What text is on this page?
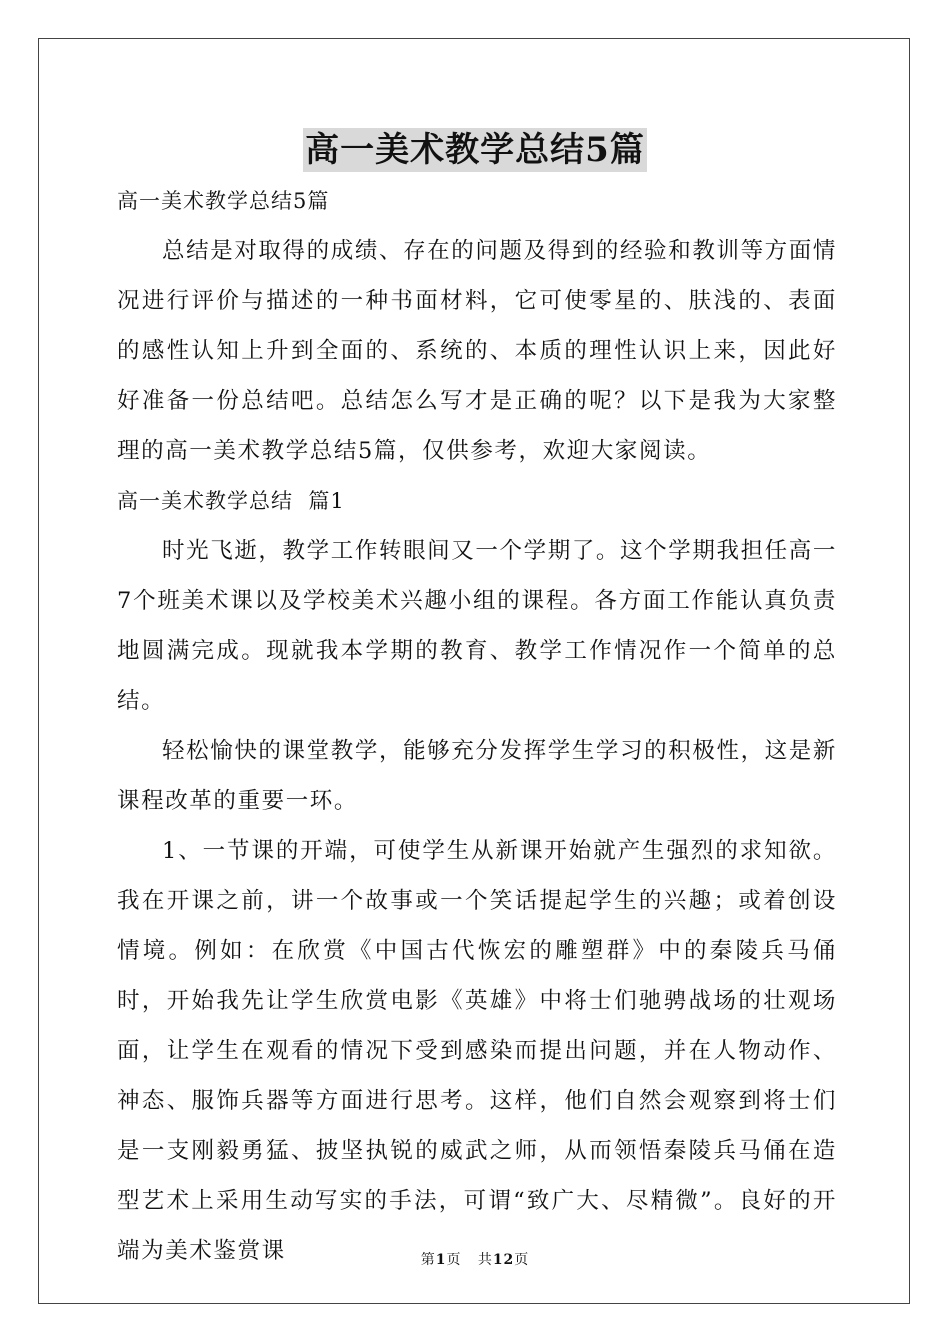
高一美术教学总结5篇
高一美术教学总结5篇

总结是对取得的成绩、存在的问题及得到的经验和教训等方面情况进行评价与描述的一种书面材料，它可使零星的、肤浅的、表面的感性认知上升到全面的、系统的、本质的理性认识上来，因此好好准备一份总结吧。总结怎么写才是正确的呢？以下是我为大家整理的高一美术教学总结5篇，仅供参考，欢迎大家阅读。

高一美术教学总结  篇1

时光飞逝，教学工作转眼间又一个学期了。这个学期我担任高一7个班美术课以及学校美术兴趣小组的课程。各方面工作能认真负责地圆满完成。现就我本学期的教育、教学工作情况作一个简单的总结。

轻松愉快的课堂教学，能够充分发挥学生学习的积极性，这是新课程改革的重要一环。

1、一节课的开端，可使学生从新课开始就产生强烈的求知欲。我在开课之前，讲一个故事或一个笑话提起学生的兴趣；或着创设情境。例如：在欣赏《中国古代恢宏的雕塑群》中的秦陵兵马俑时，开始我先让学生欣赏电影《英雄》中将士们驰骋战场的壮观场面，让学生在观看的情况下受到感染而提出问题，并在人物动作、神态、服饰兵器等方面进行思考。这样，他们自然会观察到将士们是一支刚毅勇猛、披坚执锐的威武之师，从而领悟秦陵兵马俑在造型艺术上采用生动写实的手法，可谓“致广大、尽精微”。良好的开端为美术鉴赏课	第1页 共12页
